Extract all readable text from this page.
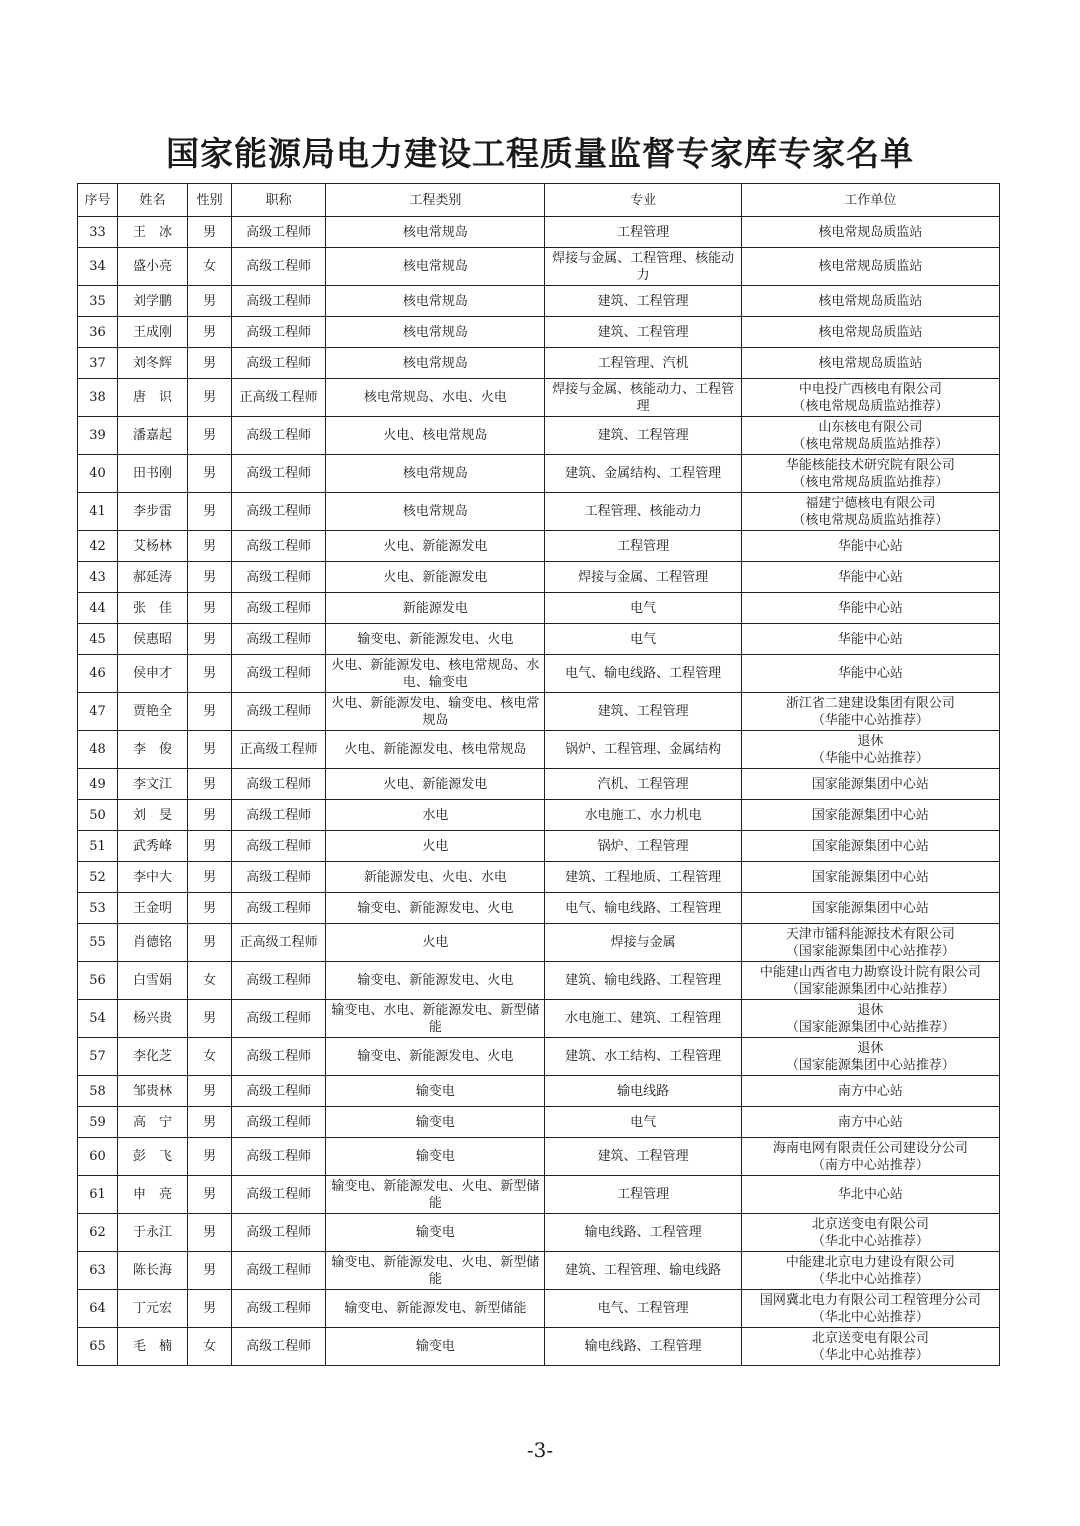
国家能源局电力建设工程质量监督专家库专家名单
序号	姓名	性别	职称	工程类别	专业	工作单位
33	王　冰	男	高级工程师	核电常规岛	工程管理	核电常规岛质监站

34	盛小亮	女	高级工程师	核电常规岛	焊接与金属、工程管理、核能动力	核电常规岛质监站

35	刘学鹏	男	高级工程师	核电常规岛	建筑、工程管理	核电常规岛质监站

36	王成刚	男	高级工程师	核电常规岛	建筑、工程管理	核电常规岛质监站

37	刘冬辉	男	高级工程师	核电常规岛	工程管理、汽机	核电常规岛质监站

38	唐　识	男	正高级工程师	核电常规岛、水电、火电	焊接与金属、核能动力、工程管理	中电投广西核电有限公司
（核电常规岛质监站推荐）

39	潘嘉起	男	高级工程师	火电、核电常规岛	建筑、工程管理	山东核电有限公司
（核电常规岛质监站推荐）

40	田书刚	男	高级工程师	核电常规岛	建筑、金属结构、工程管理	华能核能技术研究院有限公司
（核电常规岛质监站推荐）

41	李步雷	男	高级工程师	核电常规岛	工程管理、核能动力	福建宁德核电有限公司
（核电常规岛质监站推荐）

42	艾杨林	男	高级工程师	火电、新能源发电	工程管理	华能中心站

43	郝延涛	男	高级工程师	火电、新能源发电	焊接与金属、工程管理	华能中心站

44	张　佳	男	高级工程师	新能源发电	电气	华能中心站

45	侯惠昭	男	高级工程师	输变电、新能源发电、火电	电气	华能中心站

46	侯申才	男	高级工程师	火电、新能源发电、核电常规岛、水电、输变电	电气、输电线路、工程管理	华能中心站

47	贾艳全	男	高级工程师	火电、新能源发电、输变电、核电常规岛	建筑、工程管理	浙江省二建建设集团有限公司
（华能中心站推荐）

48	李　俊	男	正高级工程师	火电、新能源发电、核电常规岛	锅炉、工程管理、金属结构	退休
（华能中心站推荐）

49	李文江	男	高级工程师	火电、新能源发电	汽机、工程管理	国家能源集团中心站

50	刘　旻	男	高级工程师	水电	水电施工、水力机电	国家能源集团中心站

51	武秀峰	男	高级工程师	火电	锅炉、工程管理	国家能源集团中心站

52	李中大	男	高级工程师	新能源发电、火电、水电	建筑、工程地质、工程管理	国家能源集团中心站

53	王金明	男	高级工程师	输变电、新能源发电、火电	电气、输电线路、工程管理	国家能源集团中心站

55	肖德铭	男	正高级工程师	火电	焊接与金属	天津市镭科能源技术有限公司
（国家能源集团中心站推荐）

56	白雪娟	女	高级工程师	输变电、新能源发电、火电	建筑、输电线路、工程管理	中能建山西省电力勘察设计院有限公司
（国家能源集团中心站推荐）

54	杨兴贵	男	高级工程师	输变电、水电、新能源发电、新型储能	水电施工、建筑、工程管理	退休
（国家能源集团中心站推荐）

57	李化芝	女	高级工程师	输变电、新能源发电、火电	建筑、水工结构、工程管理	退休
（国家能源集团中心站推荐）

58	邹贵林	男	高级工程师	输变电	输电线路	南方中心站

59	高　宁	男	高级工程师	输变电	电气	南方中心站

60	彭　飞	男	高级工程师	输变电	建筑、工程管理	海南电网有限责任公司建设分公司
（南方中心站推荐）

61	申　亮	男	高级工程师	输变电、新能源发电、火电、新型储能	工程管理	华北中心站

62	于永江	男	高级工程师	输变电	输电线路、工程管理	北京送变电有限公司
（华北中心站推荐）

63	陈长海	男	高级工程师	输变电、新能源发电、火电、新型储能	建筑、工程管理、输电线路	中能建北京电力建设有限公司
（华北中心站推荐）

64	丁元宏	男	高级工程师	输变电、新能源发电、新型储能	电气、工程管理	国网冀北电力有限公司工程管理分公司
（华北中心站推荐）

65	毛　楠	女	高级工程师	输变电	输电线路、工程管理	北京送变电有限公司
（华北中心站推荐）
-3-
